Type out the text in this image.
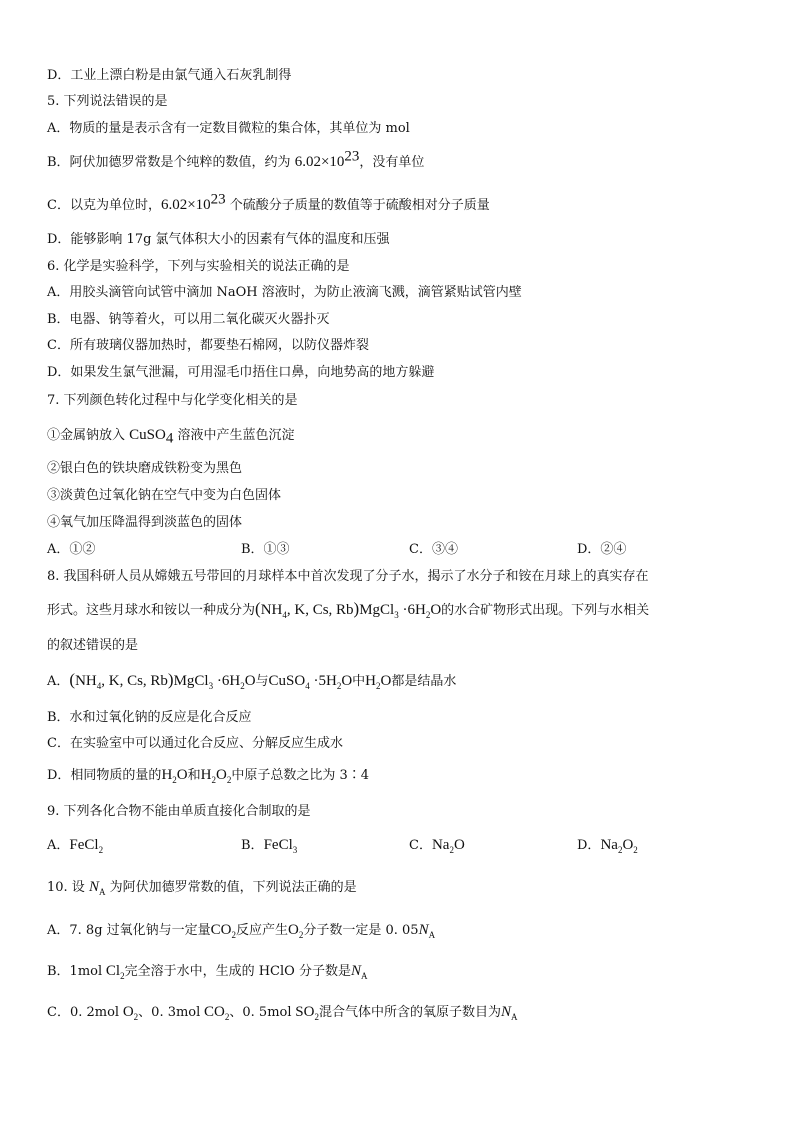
D．工业上漂白粉是由氯气通入石灰乳制得
5. 下列说法错误的是
A．物质的量是表示含有一定数目微粒的集合体，其单位为 mol
B．阿伏加德罗常数是个纯粹的数值，约为 $6.02\times 10^{23}$，没有单位
C．以克为单位时，$6.02\times 10^{23}$ 个硫酸分子质量的数值等于硫酸相对分子质量
D．能够影响 17g 氯气体积大小的因素有气体的温度和压强
6. 化学是实验科学，下列与实验相关的说法正确的是
A．用胶头滴管向试管中滴加 NaOH 溶液时，为防止液滴飞溅，滴管紧贴试管内壁
B．电器、钠等着火，可以用二氧化碳灭火器扑灭
C．所有玻璃仪器加热时，都要垫石棉网，以防仪器炸裂
D．如果发生氯气泄漏，可用湿毛巾捂住口鼻，向地势高的地方躲避
7. 下列颜色转化过程中与化学变化相关的是
①金属钠放入 CuSO$_4$ 溶液中产生蓝色沉淀
②银白色的铁块磨成铁粉变为黑色
③淡黄色过氧化钠在空气中变为白色固体
④氧气加压降温得到淡蓝色的固体
A．①②	B．①③	C．③④	D．②④
8. 我国科研人员从嫦娥五号带回的月球样本中首次发现了分子水，揭示了水分子和铵在月球上的真实存在
形式。这些月球水和铵以一种成分为($NH_4$, K, Cs, Rb)MgCl$_3$ $\cdot 6H_2O$的水合矿物形式出现。下列与水相关
的叙述错误的是
A．($NH_4$, K, Cs, Rb)MgCl$_3$ $\cdot 6H_2O$与CuSO$_4$ $\cdot 5H_2O$中$H_2O$都是结晶水
B．水和过氧化钠的反应是化合反应
C．在实验室中可以通过化合反应、分解反应生成水
D．相同物质的量的$H_2O$和$H_2O_2$中原子总数之比为 3∶4
9. 下列各化合物不能由单质直接化合制取的是
A．FeCl$_2$	B．FeCl$_3$	C．$Na_2O$	D．$Na_2O_2$
10. 设 $N_A$ 为阿伏加德罗常数的值，下列说法正确的是
A．7. 8g 过氧化钠与一定量$CO_2$反应产生$O_2$分子数一定是 0. $05N_A$
B．1mol $Cl_2$完全溶于水中，生成的 HClO 分子数是$N_A$
C．0. 2mol $O_2$、0. 3mol $CO_2$、0. 5mol $SO_2$混合气体中所含的氧原子数目为$N_A$
